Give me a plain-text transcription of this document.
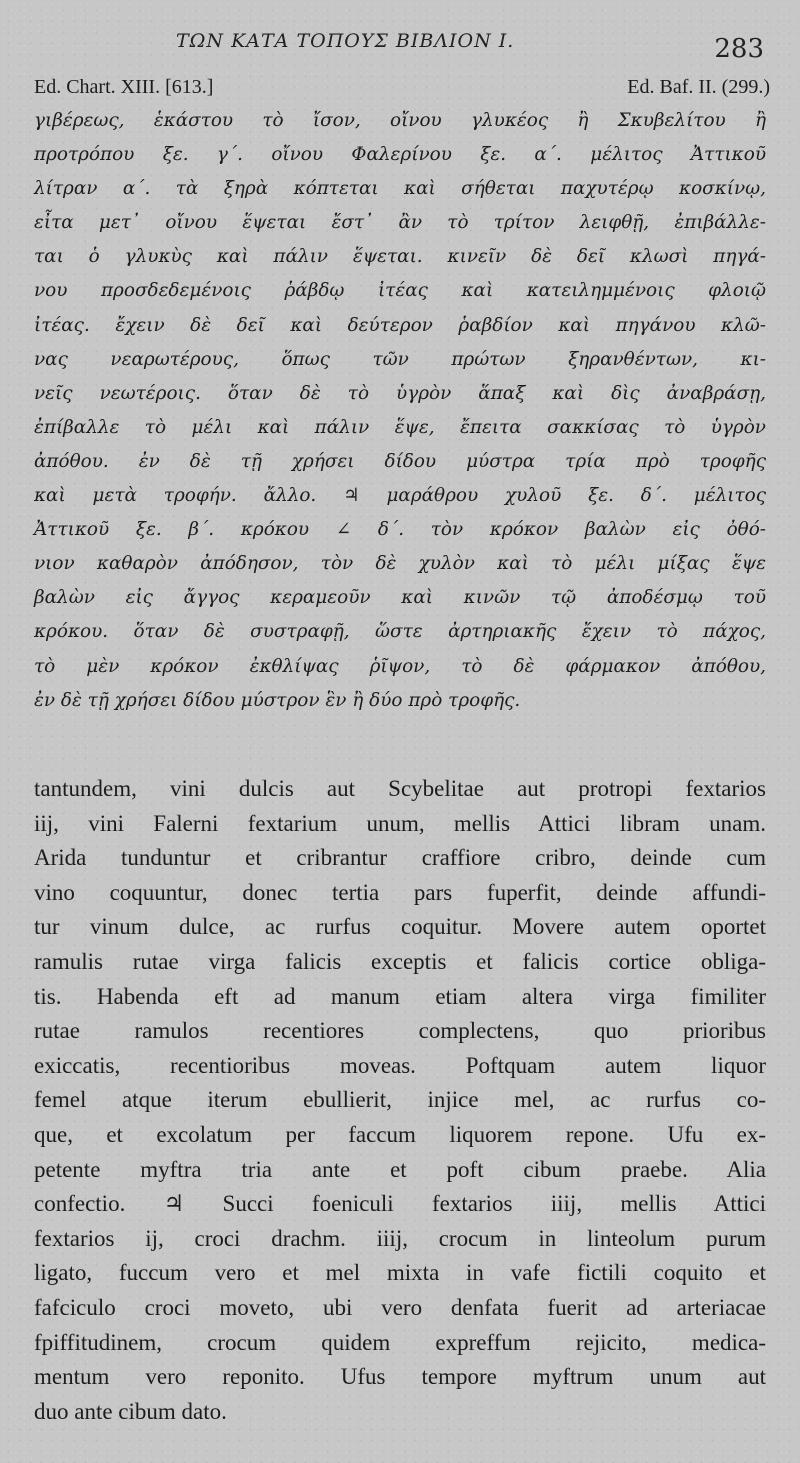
ΤΩΝ ΚΑΤΑ ΤΟΠΟΥΣ ΒΙΒΛΙΟΝ Ι.	283
Ed. Chart. XIII. [613.]	Ed. Baf. II. (299.)
γιβέρεως, ἑκάστου τὸ ἴσον, οἴνου γλυκέος ἢ Σκυβελίτου ἢ
προτρόπου ξε. γ΄. οἴνου Φαλερίνου ξε. α΄. μέλιτος Ἀττικοῦ
λίτραν α΄. τὰ ξηρὰ κόπτεται καὶ σήθεται παχυτέρῳ κοσκίνῳ,
εἶτα μετ᾽ οἴνου ἕψεται ἔστ᾽ ἂν τὸ τρίτον λειφθῇ, ἐπιβάλλε-
ται ὁ γλυκὺς καὶ πάλιν ἕψεται. κινεῖν δὲ δεῖ κλωσὶ πηγά-
νου προσδεδεμένοις ῥάβδῳ ἰτέας καὶ κατειλημμένοις φλοιῷ
ἰτέας. ἔχειν δὲ δεῖ καὶ δεύτερον ῥαβδίον καὶ πηγάνου κλῶ-
νας νεαρωτέρους, ὅπως τῶν πρώτων ξηρανθέντων, κι-
νεῖς νεωτέροις. ὅταν δὲ τὸ ὑγρὸν ἅπαξ καὶ δὶς ἀναβράσῃ,
ἐπίβαλλε τὸ μέλι καὶ πάλιν ἕψε, ἔπειτα σακκίσας τὸ ὑγρὸν
ἀπόθου. ἐν δὲ τῇ χρήσει δίδου μύστρα τρία πρὸ τροφῆς
καὶ μετὰ τροφήν. ἄλλο. ♃ μαράθρου χυλοῦ ξε. δ΄. μέλιτος
Ἀττικοῦ ξε. β΄. κρόκου ∠ δ΄. τὸν κρόκον βαλὼν εἰς ὀθό-
νιον καθαρὸν ἀπόδησον, τὸν δὲ χυλὸν καὶ τὸ μέλι μίξας ἕψε
βαλὼν εἰς ἄγγος κεραμεοῦν καὶ κινῶν τῷ ἀποδέσμῳ τοῦ
κρόκου. ὅταν δὲ συστραφῇ, ὥστε ἀρτηριακῆς ἔχειν τὸ πάχος,
τὸ μὲν κρόκον ἐκθλίψας ῥῖψον, τὸ δὲ φάρμακον ἀπόθου,
ἐν δὲ τῇ χρήσει δίδου μύστρον ἓν ἢ δύο πρὸ τροφῆς.
tantundem, vini dulcis aut Scybelitae aut protropi fextarios
iij, vini Falerni fextarium unum, mellis Attici libram unam.
Arida tunduntur et cribrantur craffiore cribro, deinde cum
vino coquuntur, donec tertia pars fuperfit, deinde affundi-
tur vinum dulce, ac rurfus coquitur. Movere autem oportet
ramulis rutae virga falicis exceptis et falicis cortice obliga-
tis. Habenda eft ad manum etiam altera virga fimiliter
rutae ramulos recentiores complectens, quo prioribus
exiccatis, recentioribus moveas. Poftquam autem liquor
femel atque iterum ebullierit, injice mel, ac rurfus co-
que, et excolatum per faccum liquorem repone. Ufu ex-
petente myftra tria ante et poft cibum praebe. Alia
confectio. ♃ Succi foeniculi fextarios iiij, mellis Attici
fextarios ij, croci drachm. iiij, crocum in linteolum purum
ligato, fuccum vero et mel mixta in vafe fictili coquito et
fafciculo croci moveto, ubi vero denfata fuerit ad arteriacae
fpiffitudinem, crocum quidem expreffum rejicito, medica-
mentum vero reponito. Ufus tempore myftrum unum aut
duo ante cibum dato.
